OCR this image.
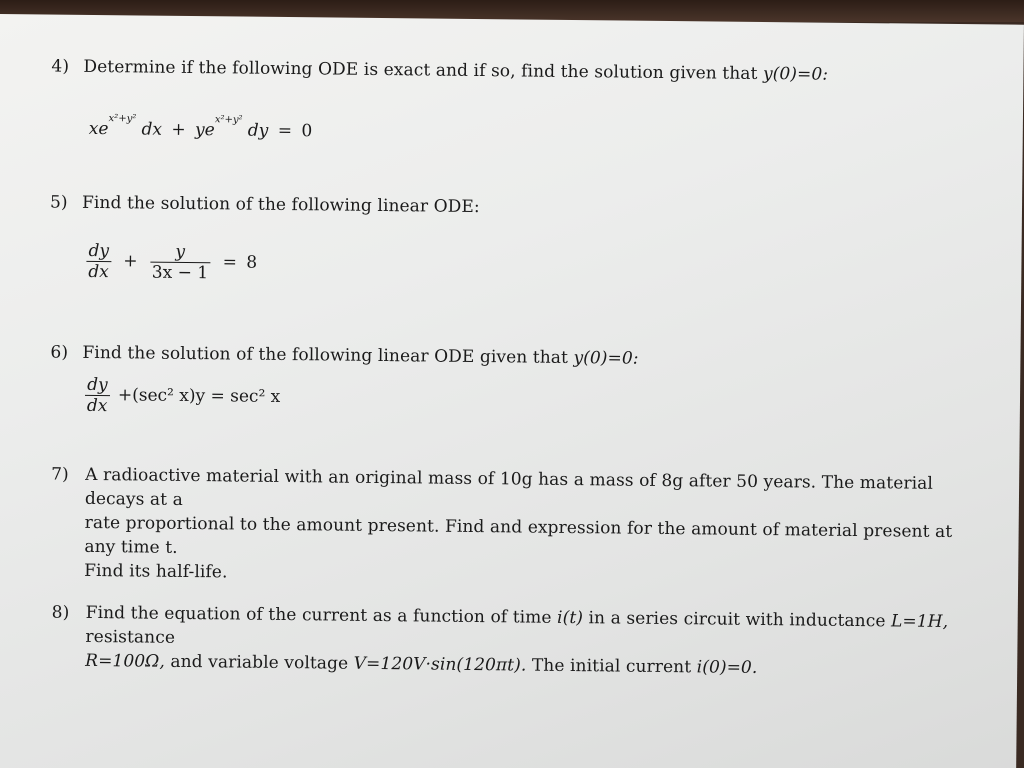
4) Determine if the following ODE is exact and if so, find the solution given that y(0)=0:
$xe^{x^2+y^2}$ dx + $ye^{x^2+y^2}$ dy = 0
5) Find the solution of the following linear ODE:
$\frac{dy}{dx} + \frac{y}{3x - 1} = 8$
6) Find the solution of the following linear ODE given that y(0)=0:
$\frac{dy}{dx} +(\sec^2$ x)y = sec² x
7) A radioactive material with an original mass of 10g has a mass of 8g after 50 years. The material decays at a
rate proportional to the amount present. Find and expression for the amount of material present at any time t.
Find its half-life.
8) Find the equation of the current as a function of time i(t) in a series circuit with inductance L=1H, resistance
R=100Ω, and variable voltage V=120V·sin(120πt). The initial current i(0)=0.
